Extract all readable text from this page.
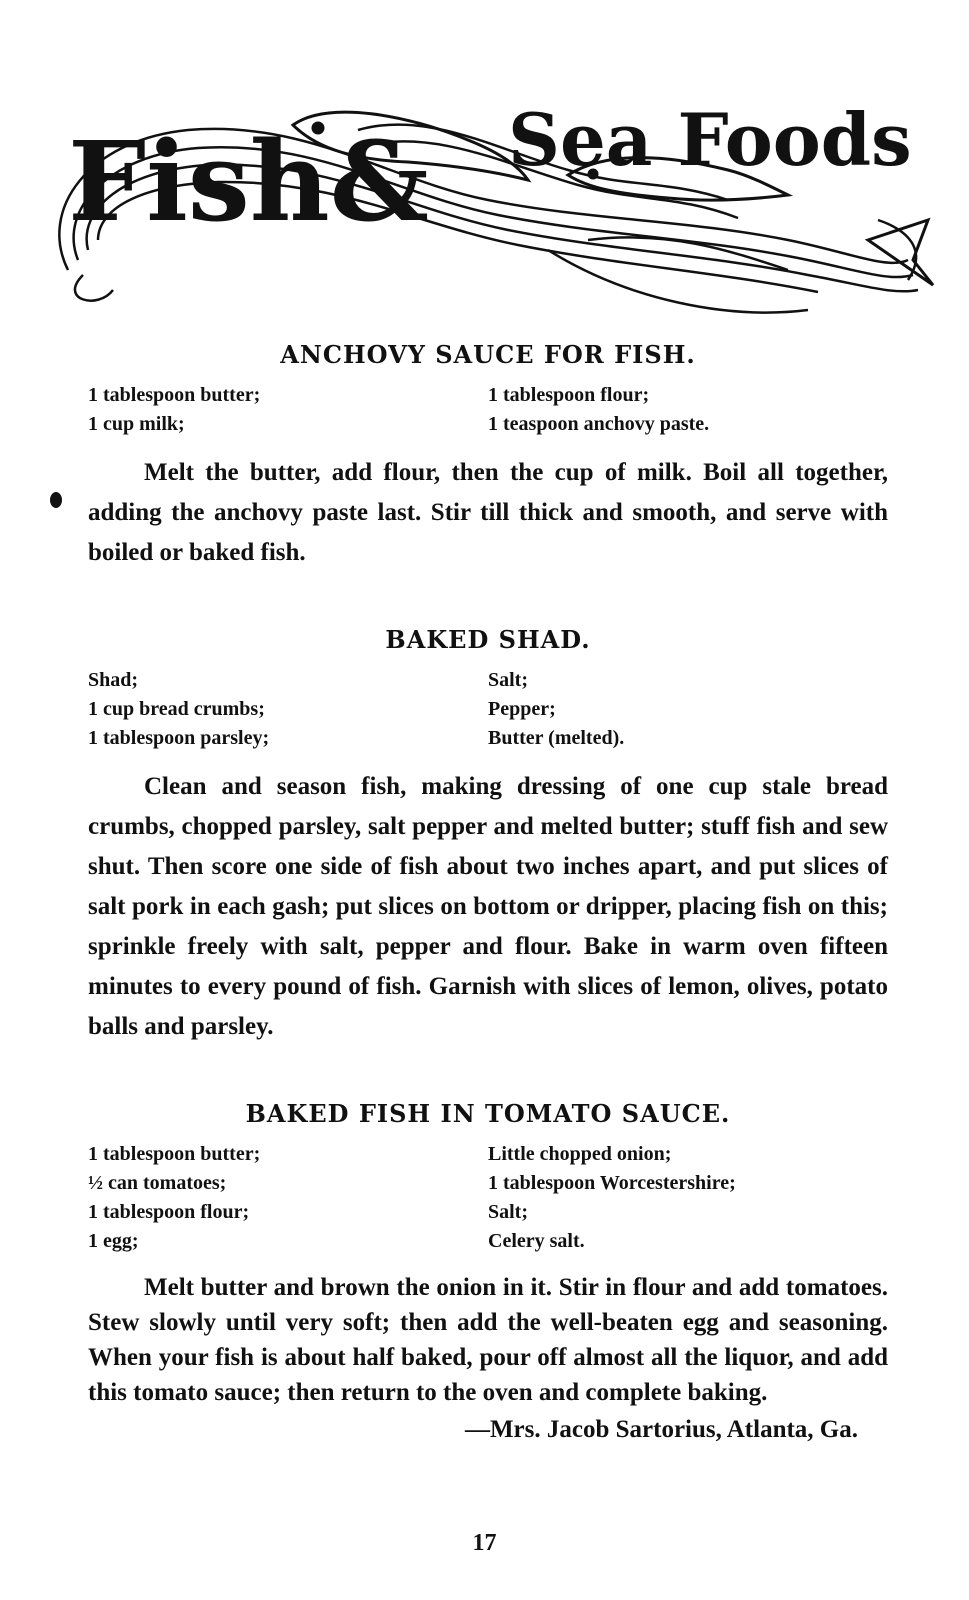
Fish& Sea Foods
ANCHOVY SAUCE FOR FISH.
1 tablespoon butter;	1 tablespoon flour;
1 cup milk;	1 teaspoon anchovy paste.

Melt the butter, add flour, then the cup of milk. Boil all together, adding the anchovy paste last. Stir till thick and smooth, and serve with boiled or baked fish.

BAKED SHAD.
Shad;	Salt;
1 cup bread crumbs;	Pepper;
1 tablespoon parsley;	Butter (melted).

Clean and season fish, making dressing of one cup stale bread crumbs, chopped parsley, salt pepper and melted butter; stuff fish and sew shut. Then score one side of fish about two inches apart, and put slices of salt pork in each gash; put slices on bottom or dripper, placing fish on this; sprinkle freely with salt, pepper and flour. Bake in warm oven fifteen minutes to every pound of fish. Garnish with slices of lemon, olives, potato balls and parsley.

BAKED FISH IN TOMATO SAUCE.
1 tablespoon butter;	Little chopped onion;
½ can tomatoes;	1 tablespoon Worcestershire;
1 tablespoon flour;	Salt;
1 egg;	Celery salt.

Melt butter and brown the onion in it. Stir in flour and add tomatoes. Stew slowly until very soft; then add the well-beaten egg and seasoning. When your fish is about half baked, pour off almost all the liquor, and add this tomato sauce; then return to the oven and complete baking.

—Mrs. Jacob Sartorius, Atlanta, Ga.
17
